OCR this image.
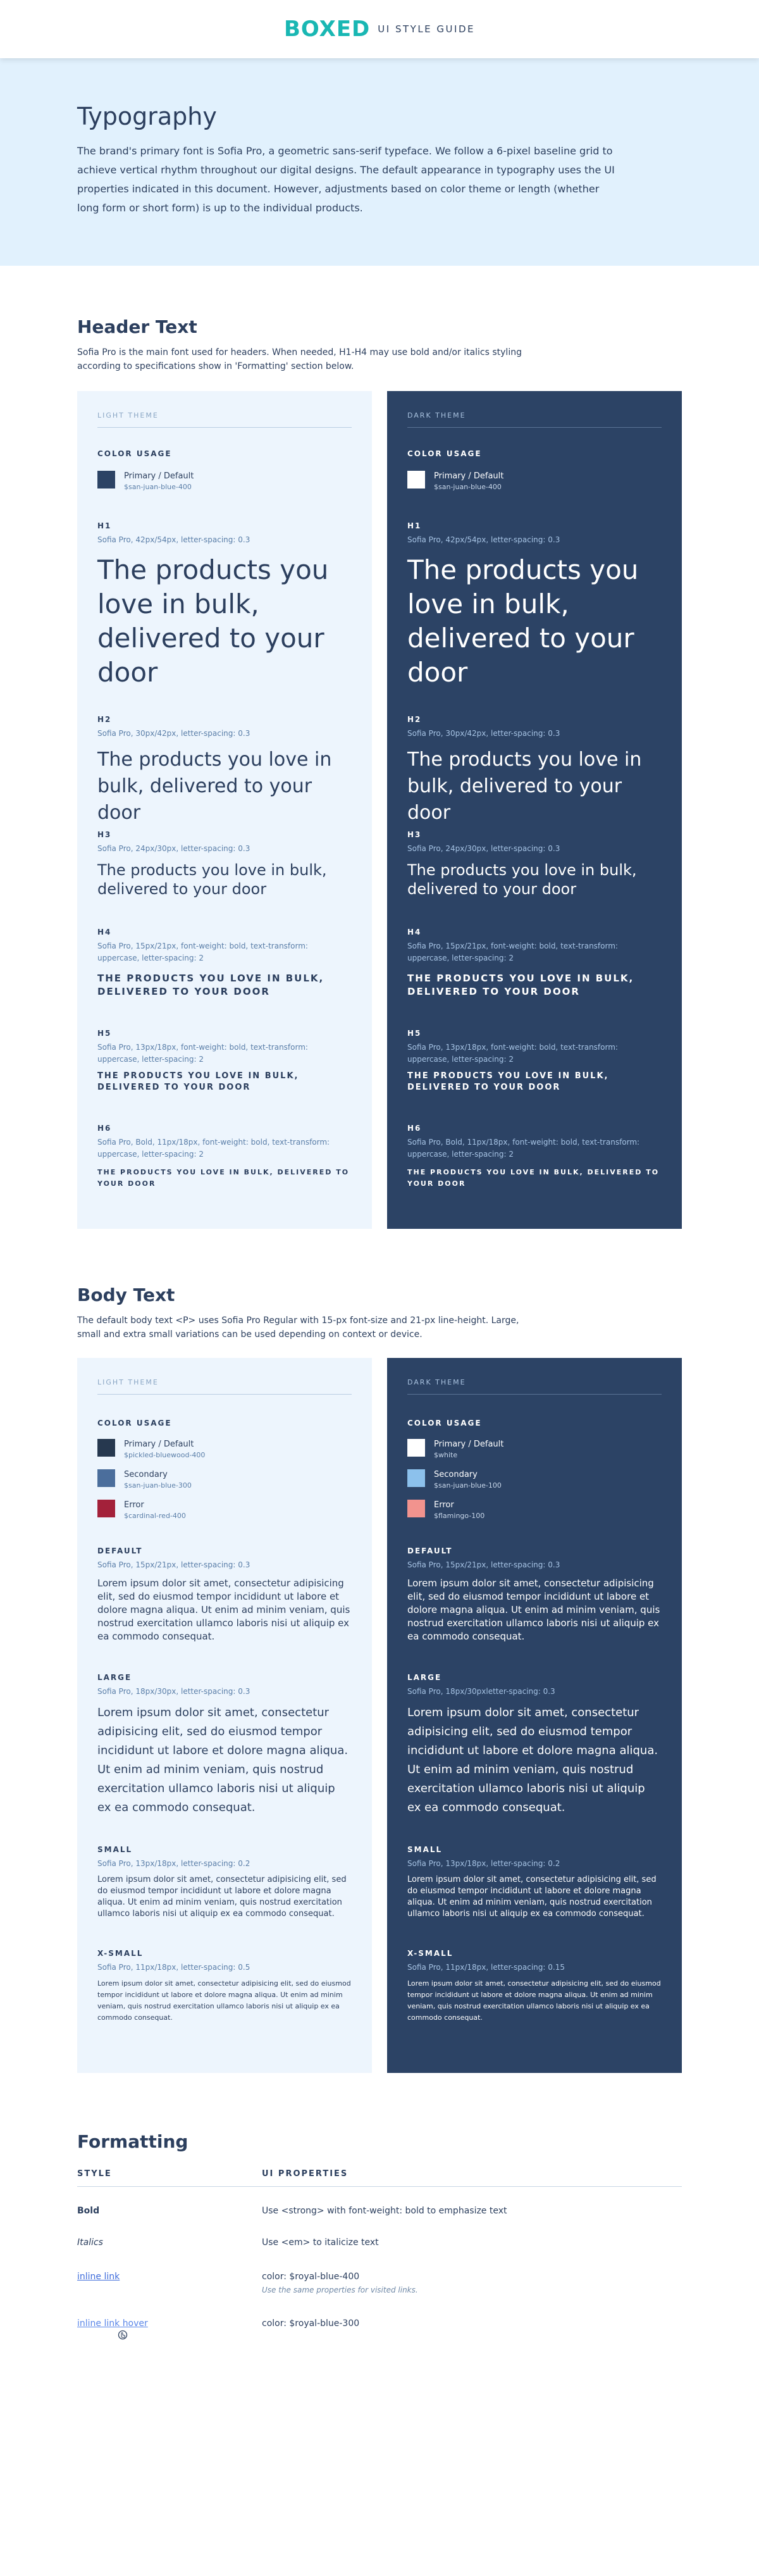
BOXED UI STYLE GUIDE
Typography

The brand's primary font is Sofia Pro, a geometric sans-serif typeface. We follow a 6-pixel baseline grid to achieve vertical rhythm throughout our digital designs. The default appearance in typography uses the UI properties indicated in this document. However, adjustments based on color theme or length (whether long form or short form) is up to the individual products.

Header Text
Sofia Pro is the main font used for headers. When needed, H1-H4 may use bold and/or italics styling according to specifications show in 'Formatting' section below.
LIGHT THEME
COLOR USAGE
Primary / Default
$san-juan-blue-400
H1
Sofia Pro, 42px/54px, letter-spacing: 0.3
The products you love in bulk, delivered to your door
H2
Sofia Pro, 30px/42px, letter-spacing: 0.3
The products you love in bulk, delivered to your door
H3
Sofia Pro, 24px/30px, letter-spacing: 0.3
The products you love in bulk, delivered to your door
H4
Sofia Pro, 15px/21px, font-weight: bold, text-transform: uppercase, letter-spacing: 2
THE PRODUCTS YOU LOVE IN BULK, DELIVERED TO YOUR DOOR
H5
Sofia Pro, 13px/18px, font-weight: bold, text-transform: uppercase, letter-spacing: 2
THE PRODUCTS YOU LOVE IN BULK, DELIVERED TO YOUR DOOR
H6
Sofia Pro, Bold, 11px/18px, font-weight: bold, text-transform: uppercase, letter-spacing: 2
THE PRODUCTS YOU LOVE IN BULK, DELIVERED TO YOUR DOOR
DARK THEME
COLOR USAGE
Primary / Default
$san-juan-blue-400
H1
Sofia Pro, 42px/54px, letter-spacing: 0.3
The products you love in bulk, delivered to your door
H2
Sofia Pro, 30px/42px, letter-spacing: 0.3
The products you love in bulk, delivered to your door
H3
Sofia Pro, 24px/30px, letter-spacing: 0.3
The products you love in bulk, delivered to your door
H4
Sofia Pro, 15px/21px, font-weight: bold, text-transform: uppercase, letter-spacing: 2
THE PRODUCTS YOU LOVE IN BULK, DELIVERED TO YOUR DOOR
H5
Sofia Pro, 13px/18px, font-weight: bold, text-transform: uppercase, letter-spacing: 2
THE PRODUCTS YOU LOVE IN BULK, DELIVERED TO YOUR DOOR
H6
Sofia Pro, Bold, 11px/18px, font-weight: bold, text-transform: uppercase, letter-spacing: 2
THE PRODUCTS YOU LOVE IN BULK, DELIVERED TO YOUR DOOR
Body Text
The default body text <P> uses Sofia Pro Regular with 15-px font-size and 21-px line-height. Large, small and extra small variations can be used depending on context or device.
LIGHT THEME
COLOR USAGE
Primary / Default
$pickled-bluewood-400
Secondary
$san-juan-blue-300
Error
$cardinal-red-400
DEFAULT
Sofia Pro, 15px/21px, letter-spacing: 0.3
Lorem ipsum dolor sit amet, consectetur adipisicing elit, sed do eiusmod tempor incididunt ut labore et dolore magna aliqua. Ut enim ad minim veniam, quis nostrud exercitation ullamco laboris nisi ut aliquip ex ea commodo consequat.
LARGE
Sofia Pro, 18px/30px, letter-spacing: 0.3
Lorem ipsum dolor sit amet, consectetur adipisicing elit, sed do eiusmod tempor incididunt ut labore et dolore magna aliqua. Ut enim ad minim veniam, quis nostrud exercitation ullamco laboris nisi ut aliquip ex ea commodo consequat.
SMALL
Sofia Pro, 13px/18px, letter-spacing: 0.2
Lorem ipsum dolor sit amet, consectetur adipisicing elit, sed do eiusmod tempor incididunt ut labore et dolore magna aliqua. Ut enim ad minim veniam, quis nostrud exercitation ullamco laboris nisi ut aliquip ex ea commodo consequat.
X-SMALL
Sofia Pro, 11px/18px, letter-spacing: 0.5
Lorem ipsum dolor sit amet, consectetur adipisicing elit, sed do eiusmod tempor incididunt ut labore et dolore magna aliqua. Ut enim ad minim veniam, quis nostrud exercitation ullamco laboris nisi ut aliquip ex ea commodo consequat.
DARK THEME
COLOR USAGE
Primary / Default
$white
Secondary
$san-juan-blue-100
Error
$flamingo-100
DEFAULT
Sofia Pro, 15px/21px, letter-spacing: 0.3
Lorem ipsum dolor sit amet, consectetur adipisicing elit, sed do eiusmod tempor incididunt ut labore et dolore magna aliqua. Ut enim ad minim veniam, quis nostrud exercitation ullamco laboris nisi ut aliquip ex ea commodo consequat.
LARGE
Sofia Pro, 18px/30pxletter-spacing: 0.3
Lorem ipsum dolor sit amet, consectetur adipisicing elit, sed do eiusmod tempor incididunt ut labore et dolore magna aliqua. Ut enim ad minim veniam, quis nostrud exercitation ullamco laboris nisi ut aliquip ex ea commodo consequat.
SMALL
Sofia Pro, 13px/18px, letter-spacing: 0.2
Lorem ipsum dolor sit amet, consectetur adipisicing elit, sed do eiusmod tempor incididunt ut labore et dolore magna aliqua. Ut enim ad minim veniam, quis nostrud exercitation ullamco laboris nisi ut aliquip ex ea commodo consequat.
X-SMALL
Sofia Pro, 11px/18px, letter-spacing: 0.15
Lorem ipsum dolor sit amet, consectetur adipisicing elit, sed do eiusmod tempor incididunt ut labore et dolore magna aliqua. Ut enim ad minim veniam, quis nostrud exercitation ullamco laboris nisi ut aliquip ex ea commodo consequat.
Formatting
STYLE	UI PROPERTIES
Bold	Use <strong> with font-weight: bold to emphasize text
Italics	Use <em> to italicize text
inline link	color: $royal-blue-400
Use the same properties for visited links.
inline link hover	color: $royal-blue-300
